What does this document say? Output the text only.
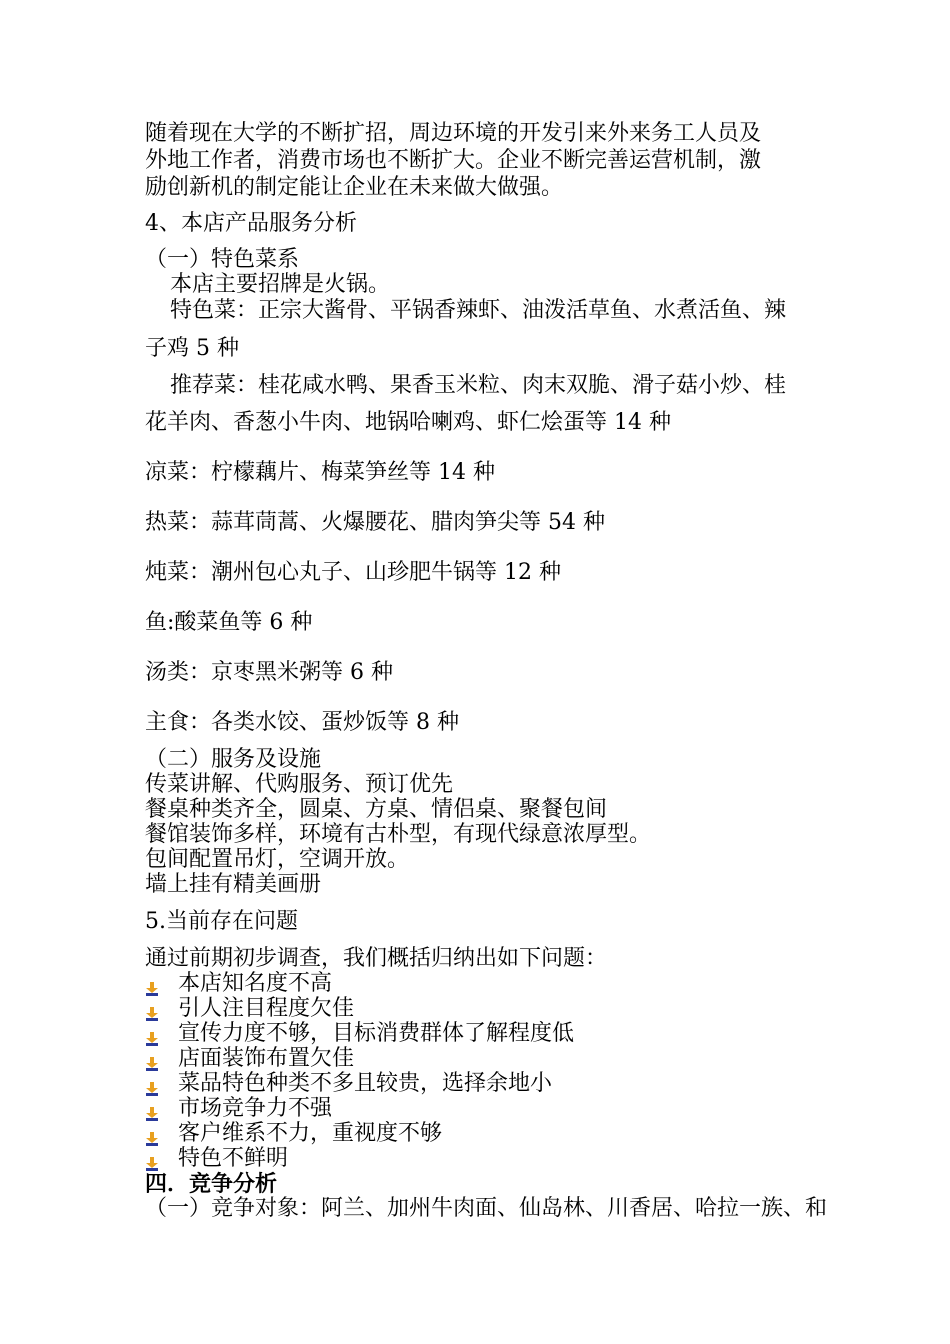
随着现在大学的不断扩招，周边环境的开发引来外来务工人员及
外地工作者，消费市场也不断扩大。企业不断完善运营机制，激
励创新机的制定能让企业在未来做大做强。
4、本店产品服务分析
（一）特色菜系
本店主要招牌是火锅。
特色菜：正宗大酱骨、平锅香辣虾、油泼活草鱼、水煮活鱼、辣
子鸡 5 种
推荐菜：桂花咸水鸭、果香玉米粒、肉末双脆、滑子菇小炒、桂
花羊肉、香葱小牛肉、地锅哈喇鸡、虾仁烩蛋等 14 种
凉菜：柠檬藕片、梅菜笋丝等 14 种
热菜：蒜茸茼蒿、火爆腰花、腊肉笋尖等 54 种
炖菜：潮州包心丸子、山珍肥牛锅等 12 种
鱼:酸菜鱼等 6 种
汤类：京枣黑米粥等 6 种
主食：各类水饺、蛋炒饭等 8 种
（二）服务及设施
传菜讲解、代购服务、预订优先
餐桌种类齐全，圆桌、方桌、情侣桌、聚餐包间
餐馆装饰多样，环境有古朴型，有现代绿意浓厚型。
包间配置吊灯，空调开放。
墙上挂有精美画册
5.当前存在问题
通过前期初步调查，我们概括归纳出如下问题：
本店知名度不高
引人注目程度欠佳
宣传力度不够，目标消费群体了解程度低
店面装饰布置欠佳
菜品特色种类不多且较贵，选择余地小
市场竞争力不强
客户维系不力，重视度不够
特色不鲜明
四．竞争分析
（一）竞争对象：阿兰、加州牛肉面、仙岛林、川香居、哈拉一族、和
